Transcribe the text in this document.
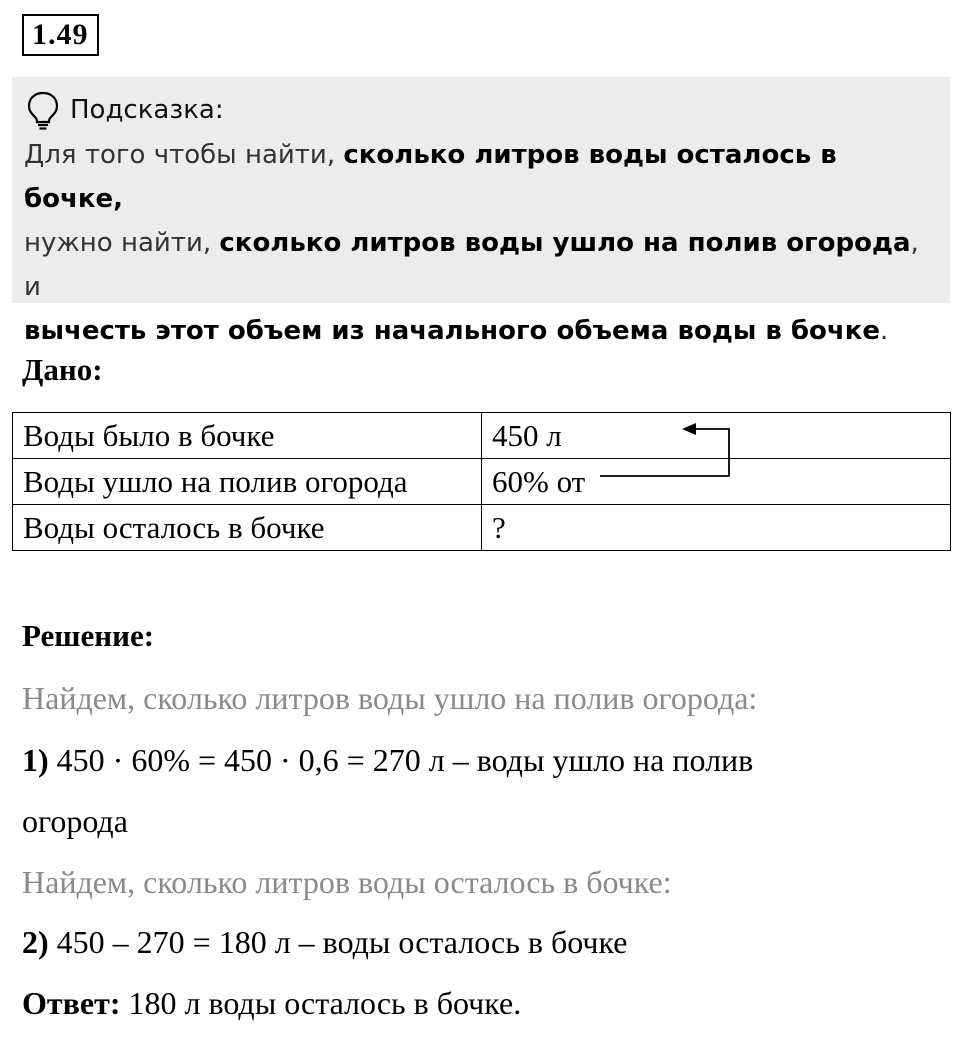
1.49
Подсказка:
Для того чтобы найти, сколько литров воды осталось в бочке,
нужно найти, сколько литров воды ушло на полив огорода, и
вычесть этот объем из начального объема воды в бочке.
Дано:
Воды было в бочке	450 л
Воды ушло на полив огорода	60% от
Воды осталось в бочке	?
Решение:
Найдем, сколько литров воды ушло на полив огорода:
1) 450 · 60% = 450 · 0,6 = 270 л – воды ушло на полив
огорода
Найдем, сколько литров воды осталось в бочке:
2) 450 – 270 = 180 л – воды осталось в бочке
Ответ: 180 л воды осталось в бочке.
